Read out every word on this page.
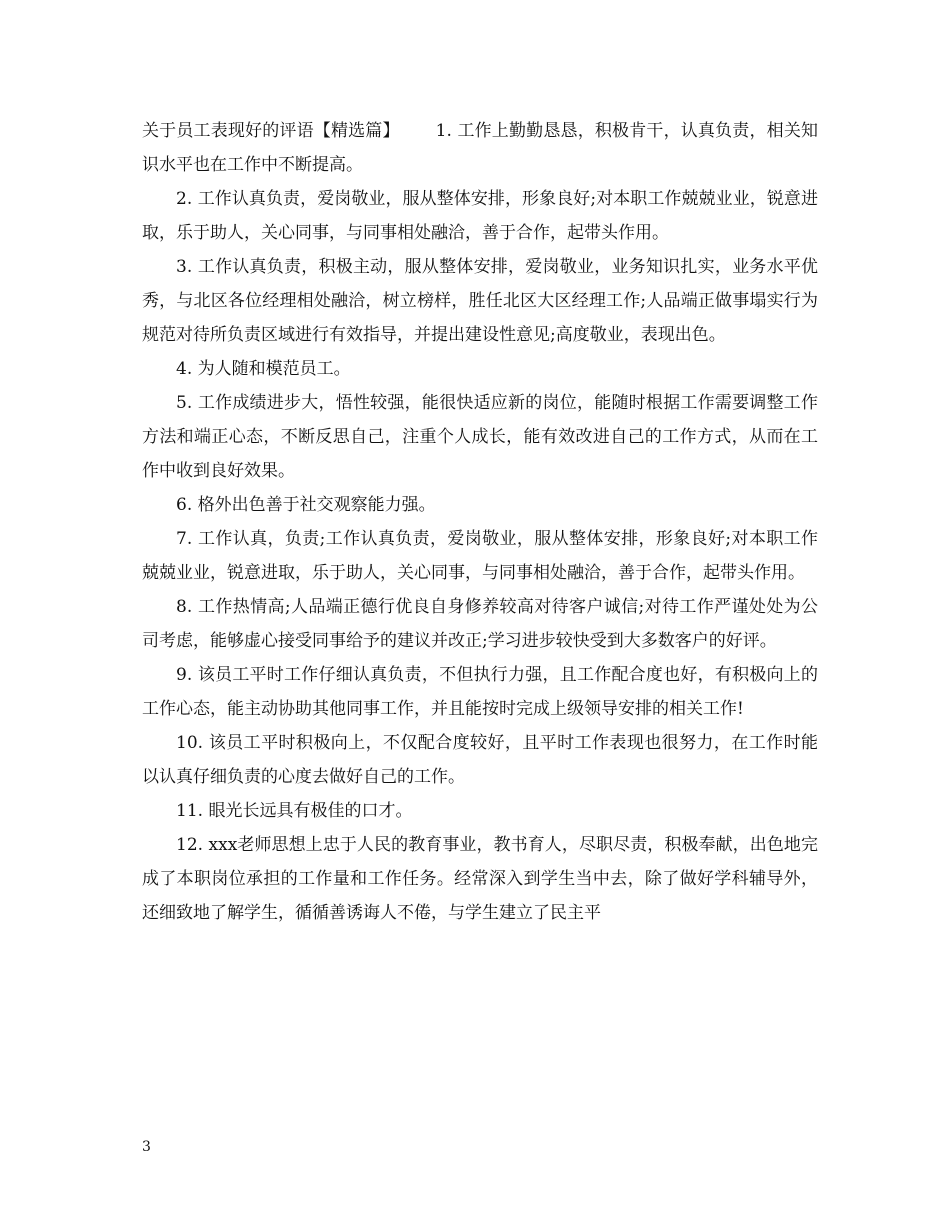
关于员工表现好的评语【精选篇】 1. 工作上勤勤恳恳，积极肯干，认真负责，相关知识水平也在工作中不断提高。

2. 工作认真负责，爱岗敬业，服从整体安排，形象良好;对本职工作兢兢业业，锐意进取，乐于助人，关心同事，与同事相处融洽，善于合作，起带头作用。

3. 工作认真负责，积极主动，服从整体安排，爱岗敬业，业务知识扎实，业务水平优秀，与北区各位经理相处融洽，树立榜样，胜任北区大区经理工作;人品端正做事塌实行为规范对待所负责区域进行有效指导，并提出建设性意见;高度敬业，表现出色。

4. 为人随和模范员工。

5. 工作成绩进步大，悟性较强，能很快适应新的岗位，能随时根据工作需要调整工作方法和端正心态，不断反思自己，注重个人成长，能有效改进自己的工作方式，从而在工作中收到良好效果。

6. 格外出色善于社交观察能力强。

7. 工作认真，负责;工作认真负责，爱岗敬业，服从整体安排，形象良好;对本职工作兢兢业业，锐意进取，乐于助人，关心同事，与同事相处融洽，善于合作，起带头作用。

8. 工作热情高;人品端正德行优良自身修养较高对待客户诚信;对待工作严谨处处为公司考虑，能够虚心接受同事给予的建议并改正;学习进步较快受到大多数客户的好评。

9. 该员工平时工作仔细认真负责，不但执行力强，且工作配合度也好，有积极向上的工作心态，能主动协助其他同事工作，并且能按时完成上级领导安排的相关工作!

10. 该员工平时积极向上，不仅配合度较好，且平时工作表现也很努力，在工作时能以认真仔细负责的心度去做好自己的工作。

11. 眼光长远具有极佳的口才。

12. xxx老师思想上忠于人民的教育事业，教书育人，尽职尽责，积极奉献，出色地完成了本职岗位承担的工作量和工作任务。经常深入到学生当中去，除了做好学科辅导外，还细致地了解学生，循循善诱诲人不倦，与学生建立了民主平

3
